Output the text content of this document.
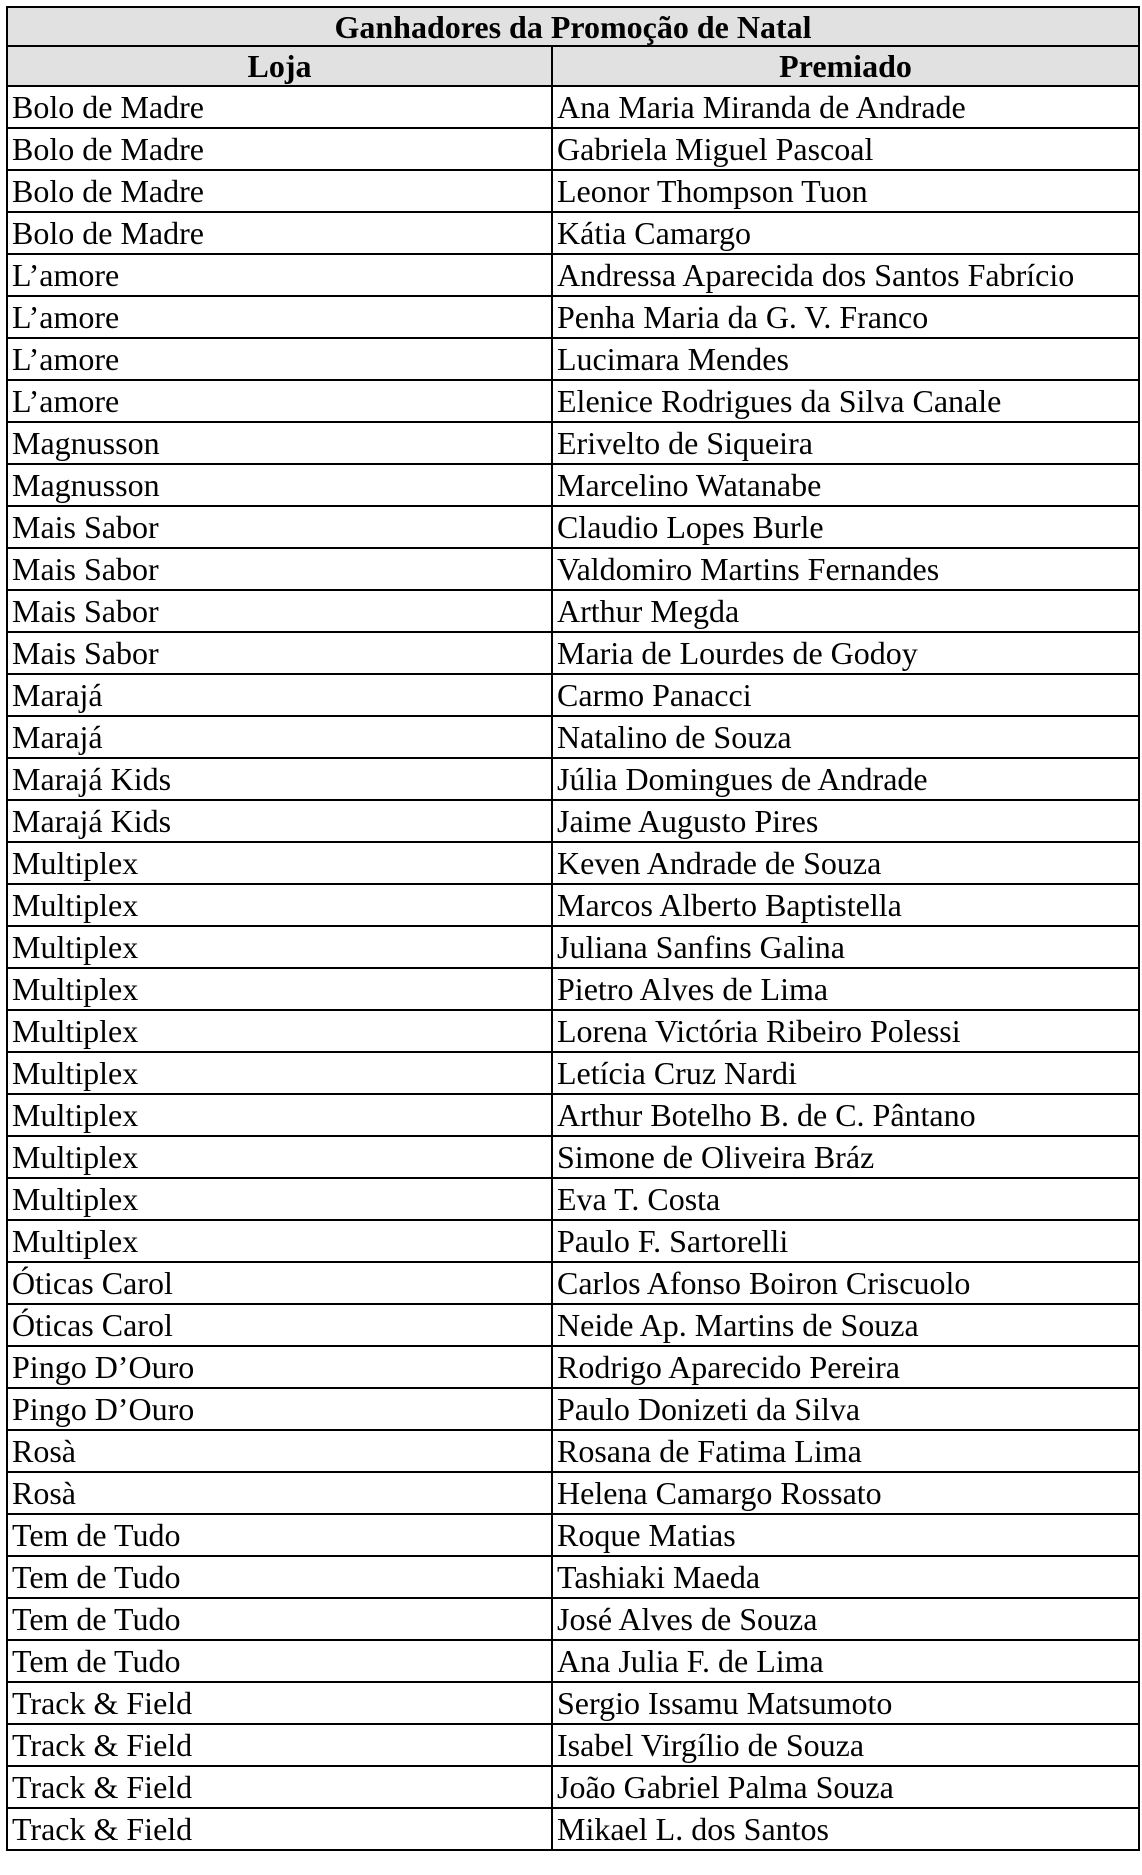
Ganhadores da Promoção de Natal	
Loja	Premiado
Bolo de Madre	Ana Maria Miranda de Andrade
Bolo de Madre	Gabriela Miguel Pascoal
Bolo de Madre	Leonor Thompson Tuon
Bolo de Madre	Kátia Camargo
L’amore	Andressa Aparecida dos Santos Fabrício
L’amore	Penha Maria da G. V. Franco
L’amore	Lucimara Mendes
L’amore	Elenice Rodrigues da Silva Canale
Magnusson	Erivelto de Siqueira
Magnusson	Marcelino Watanabe
Mais Sabor	Claudio Lopes Burle
Mais Sabor	Valdomiro Martins Fernandes
Mais Sabor	Arthur Megda
Mais Sabor	Maria de Lourdes de Godoy
Marajá	Carmo Panacci
Marajá	Natalino de Souza
Marajá Kids	Júlia Domingues de Andrade
Marajá Kids	Jaime Augusto Pires
Multiplex	Keven Andrade de Souza
Multiplex	Marcos Alberto Baptistella
Multiplex	Juliana Sanfins Galina
Multiplex	Pietro Alves de Lima
Multiplex	Lorena Victória Ribeiro Polessi
Multiplex	Letícia Cruz Nardi
Multiplex	Arthur Botelho B. de C. Pântano
Multiplex	Simone de Oliveira Bráz
Multiplex	Eva T. Costa
Multiplex	Paulo F. Sartorelli
Óticas Carol	Carlos Afonso Boiron Criscuolo
Óticas Carol	Neide Ap. Martins de Souza
Pingo D’Ouro	Rodrigo Aparecido Pereira
Pingo D’Ouro	Paulo Donizeti da Silva
Rosà	Rosana de Fatima Lima
Rosà	Helena Camargo Rossato
Tem de Tudo	Roque Matias
Tem de Tudo	Tashiaki Maeda
Tem de Tudo	José Alves de Souza
Tem de Tudo	Ana Julia F. de Lima
Track & Field	Sergio Issamu Matsumoto
Track & Field	Isabel Virgílio de Souza
Track & Field	João Gabriel Palma Souza
Track & Field	Mikael L. dos Santos
